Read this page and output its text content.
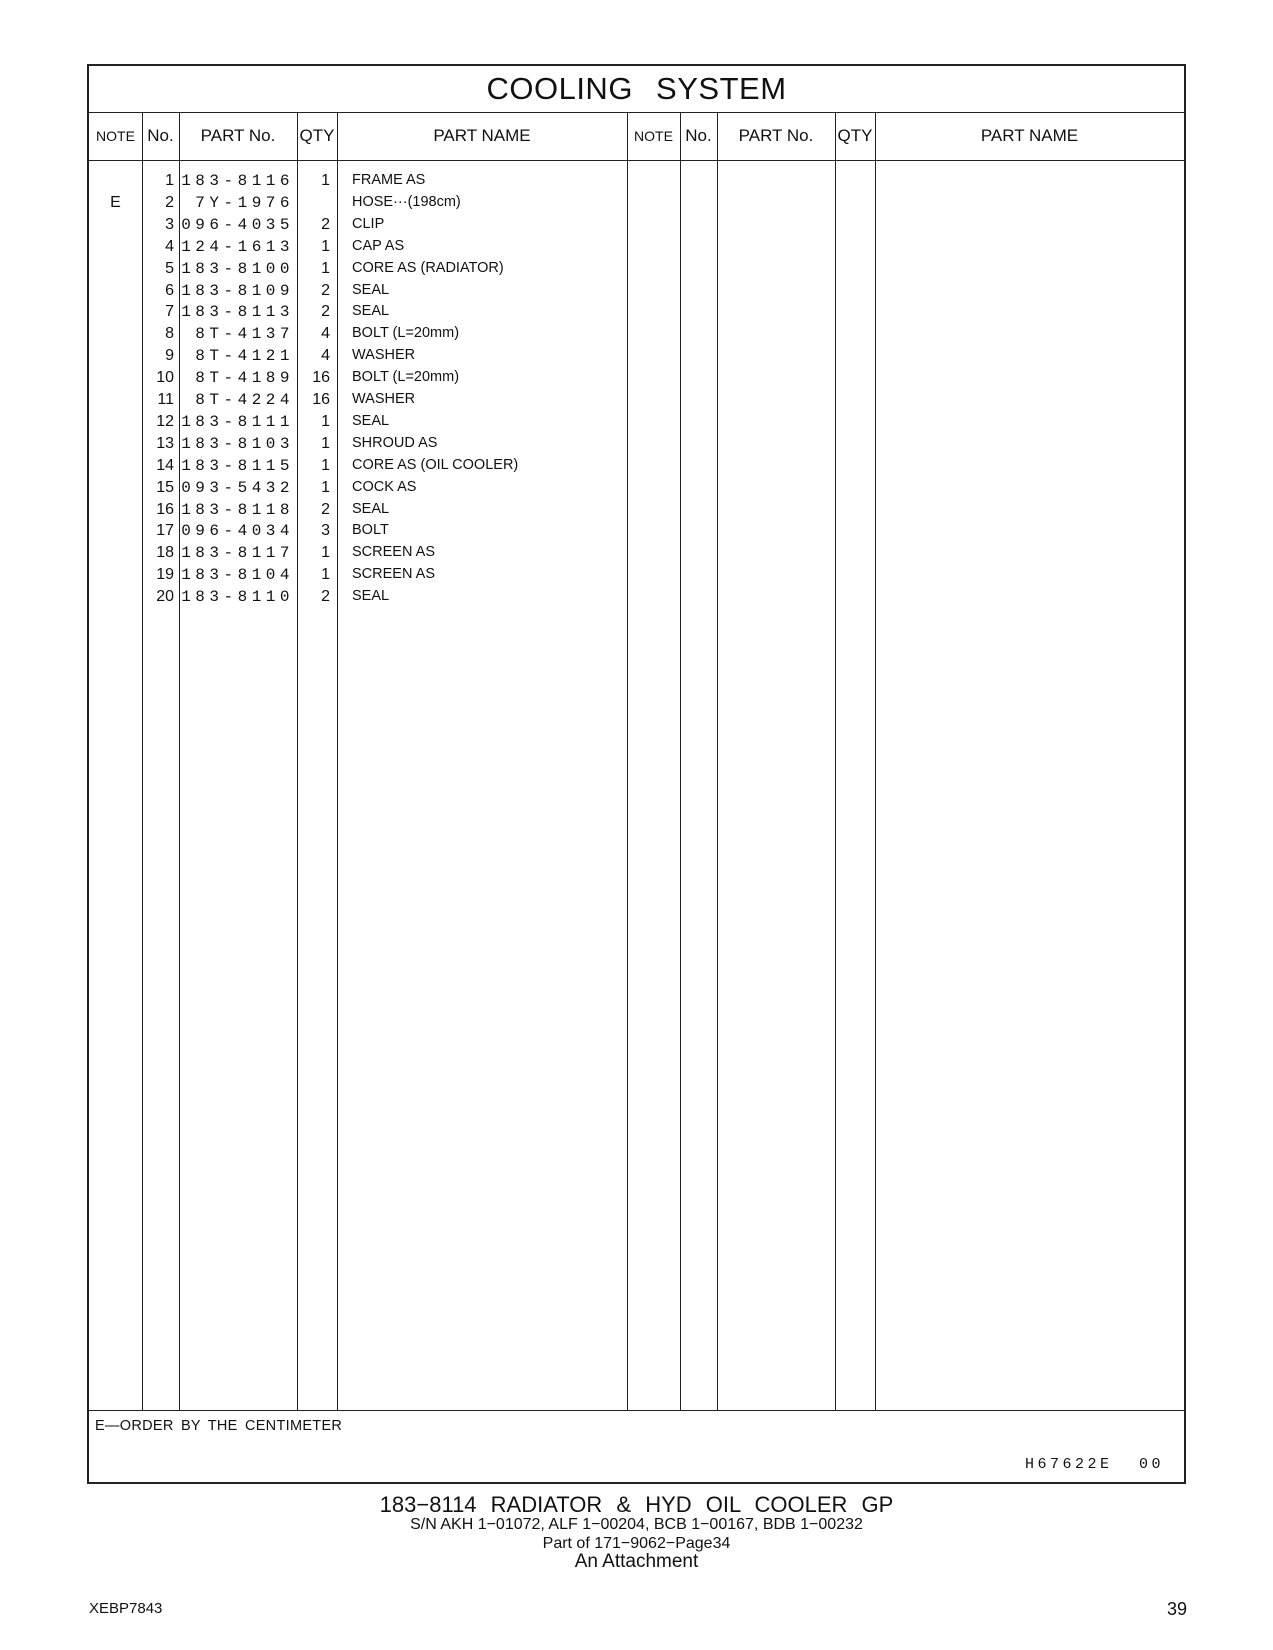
COOLING SYSTEM
NOTE No.	PART No.	QTY	PART NAME	NOTE No.	PART No.	QTY	PART NAME
1 183-8116	1 FRAME AS
E	2	7Y-1976	HOSE···(198cm)
3 096-4035	2 CLIP
4 124-1613	1 CAP AS
5 183-8100	1 CORE AS (RADIATOR)
6 183-8109	2 SEAL
7 183-8113	2 SEAL
8	8T-4137	4 BOLT (L=20mm)
9	8T-4121	4 WASHER
10	8T-4189	16 BOLT (L=20mm)
11	8T-4224	16 WASHER
12 183-8111	1 SEAL
13 183-8103	1 SHROUD AS
14 183-8115	1 CORE AS (OIL COOLER)
15 093-5432	1 COCK AS
16 183-8118	2 SEAL
17 096-4034	3 BOLT
18 183-8117	1 SCREEN AS
19 183-8104	1 SCREEN AS
20 183-8110	2 SEAL
E—ORDER BY THE CENTIMETER
H67622E 00
183−8114 RADIATOR & HYD OIL COOLER GP
S/N AKH 1−01072, ALF 1−00204, BCB 1−00167, BDB 1−00232
Part of 171−9062−Page34
An Attachment
XEBP7843	39
